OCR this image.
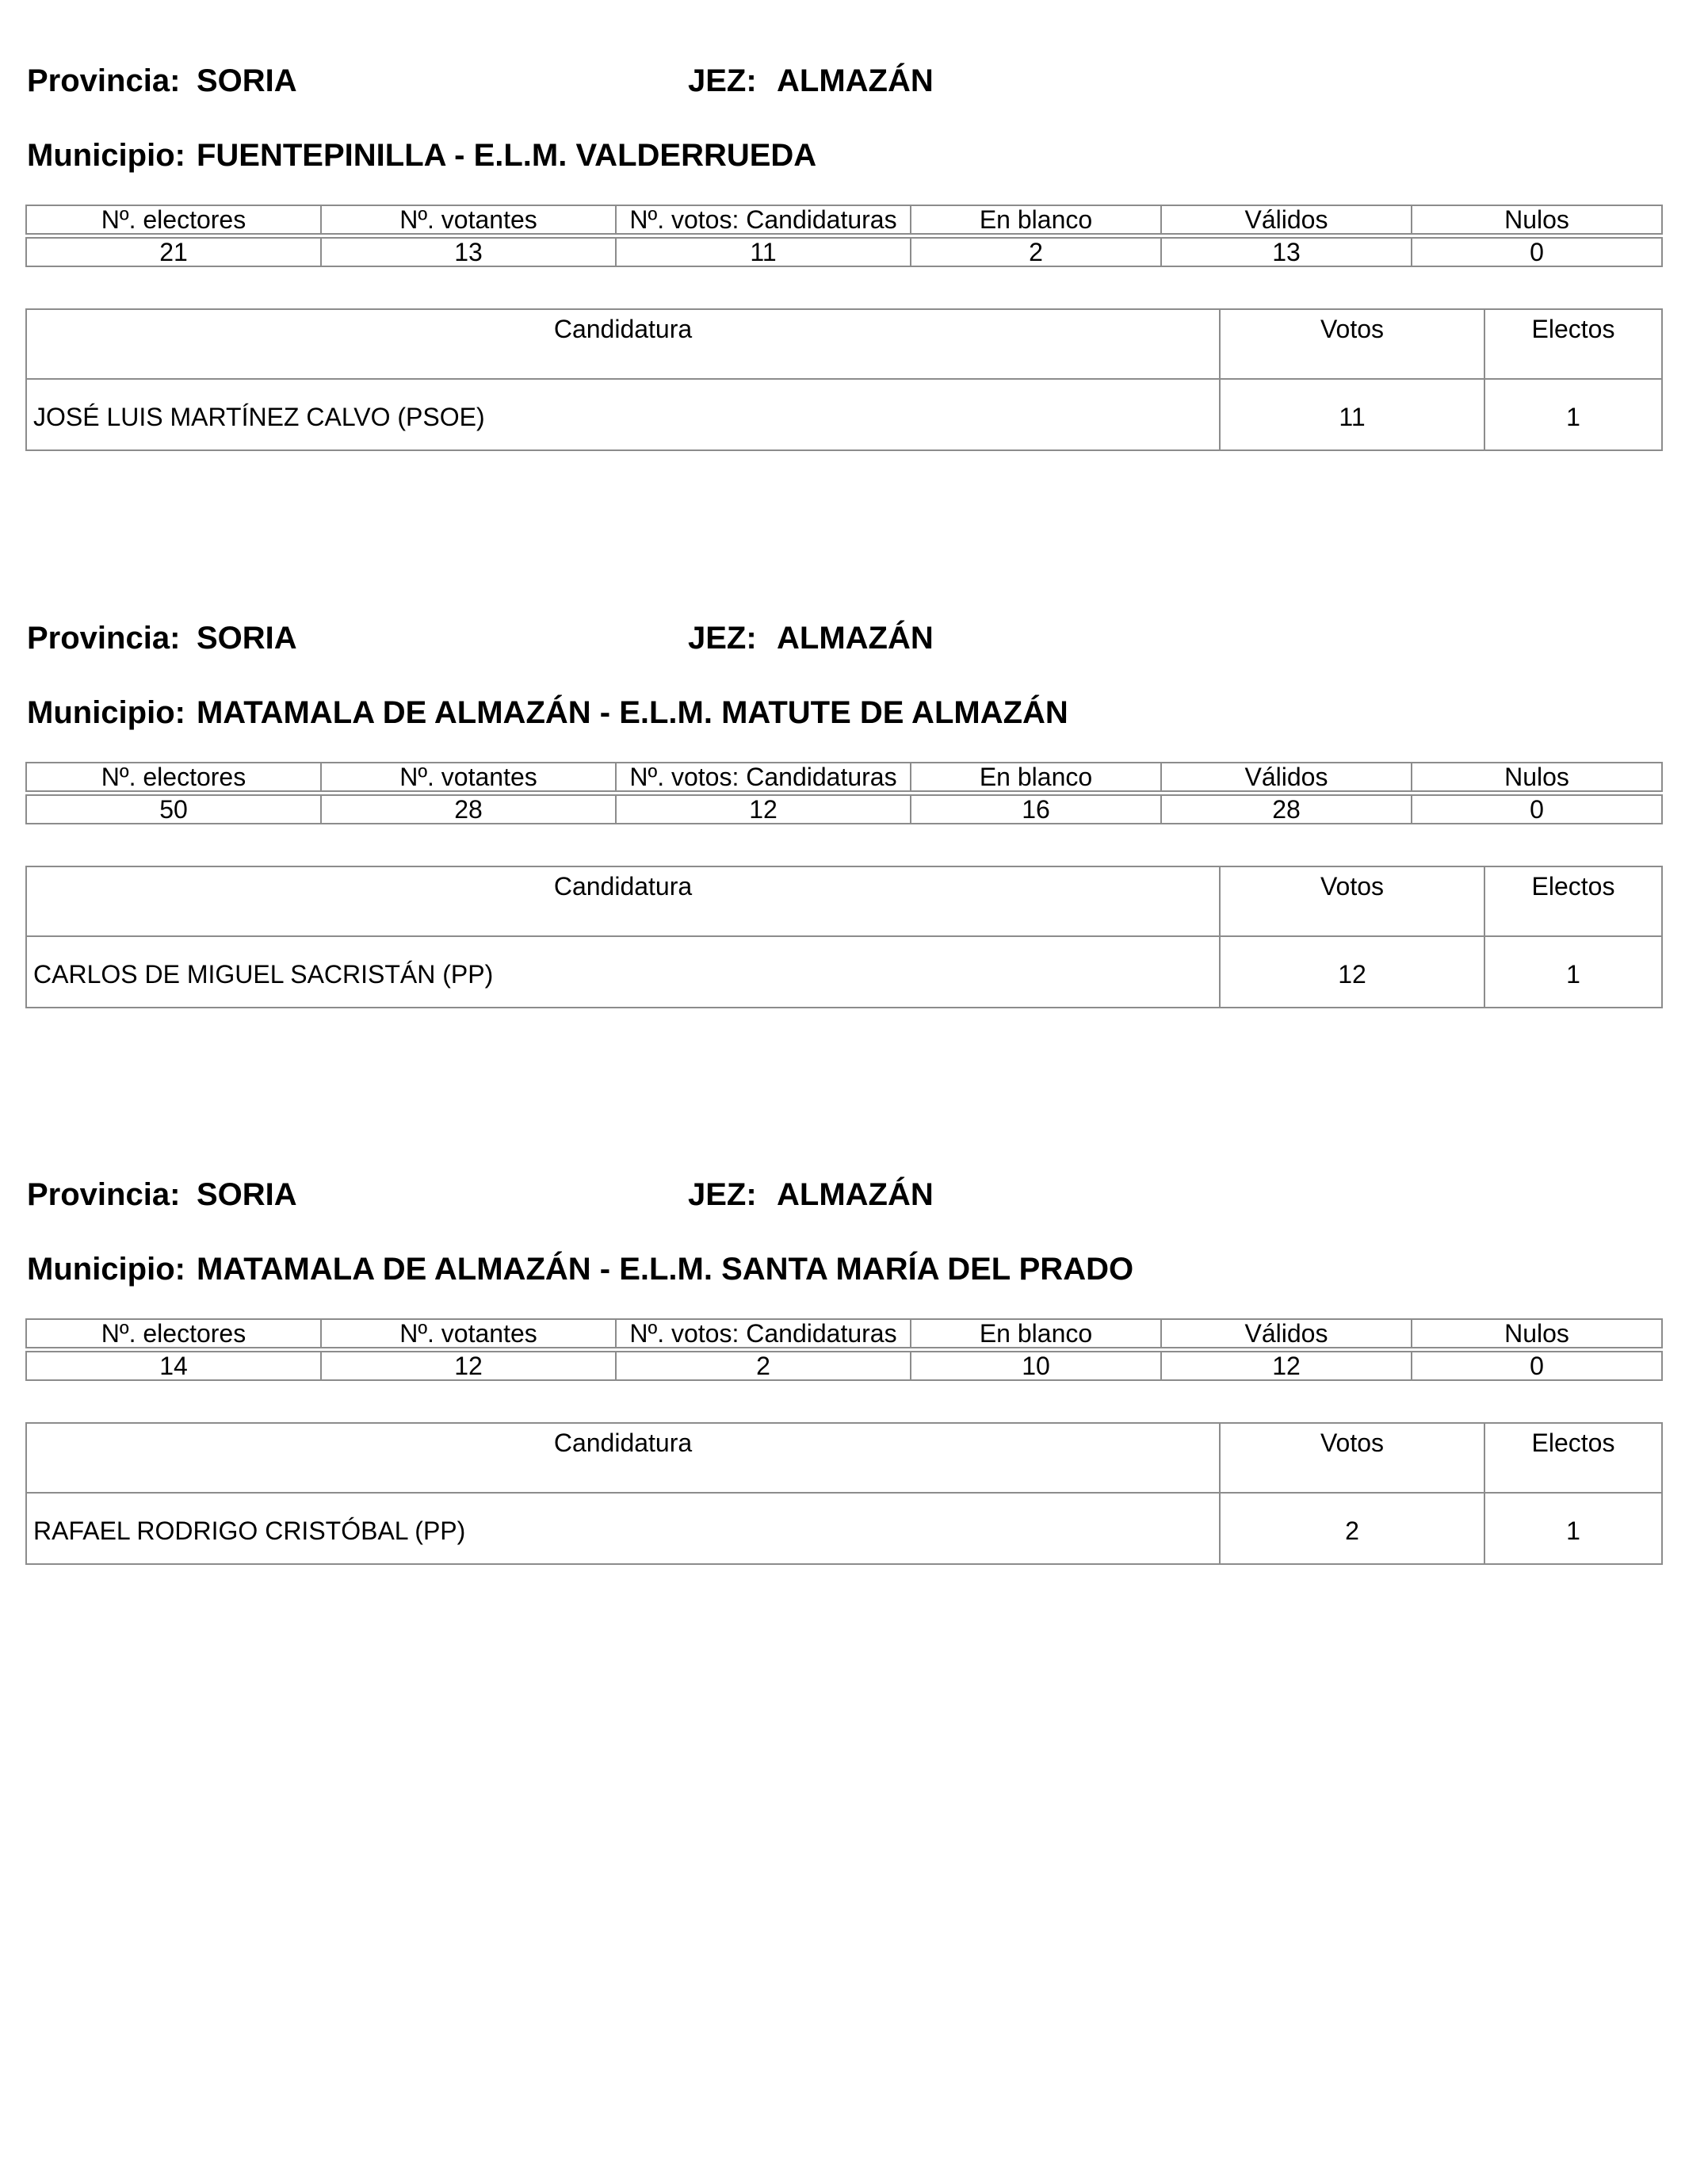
Provincia: SORIA	JEZ: ALMAZÁN
Municipio: FUENTEPINILLA - E.L.M. VALDERRUEDA
Nº. electores	Nº. votantes	Nº. votos: Candidaturas	En blanco	Válidos	Nulos

21	13	11	2	13	0
Candidatura	Votos	Electos
JOSÉ LUIS MARTÍNEZ CALVO (PSOE)	11	1
Provincia: SORIA	JEZ: ALMAZÁN
Municipio: MATAMALA DE ALMAZÁN - E.L.M. MATUTE DE ALMAZÁN
Nº. electores	Nº. votantes	Nº. votos: Candidaturas	En blanco	Válidos	Nulos

50	28	12	16	28	0
Candidatura	Votos	Electos
CARLOS DE MIGUEL SACRISTÁN (PP)	12	1
Provincia: SORIA	JEZ: ALMAZÁN
Municipio: MATAMALA DE ALMAZÁN - E.L.M. SANTA MARÍA DEL PRADO
Nº. electores	Nº. votantes	Nº. votos: Candidaturas	En blanco	Válidos	Nulos

14	12	2	10	12	0
Candidatura	Votos	Electos
RAFAEL RODRIGO CRISTÓBAL (PP)	2	1
